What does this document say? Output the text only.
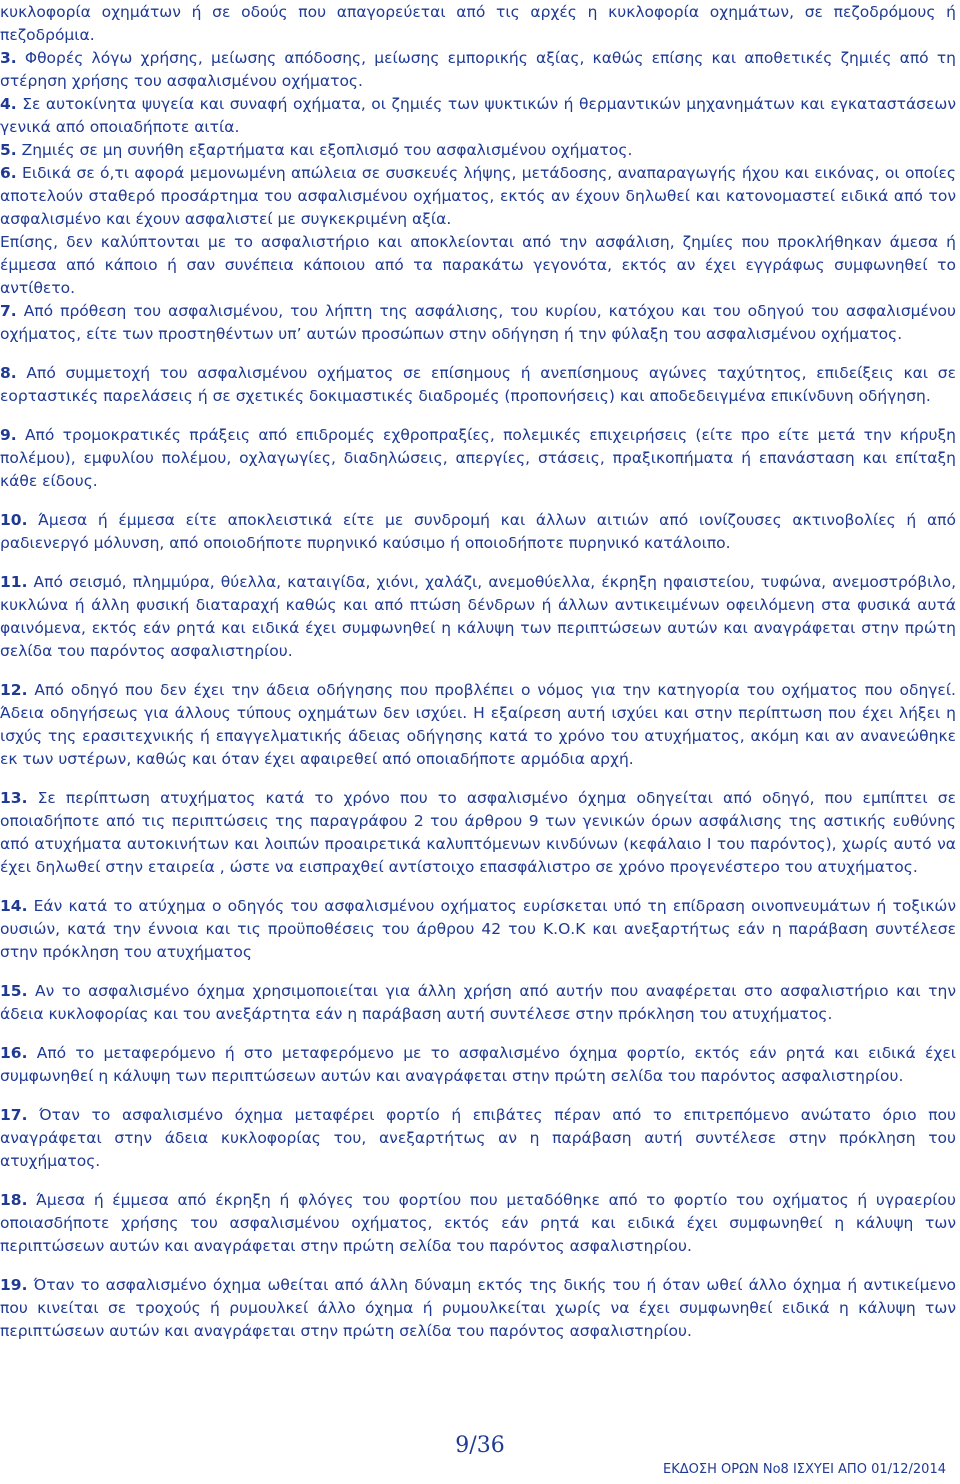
κυκλοφορία οχημάτων ή σε οδούς που απαγορεύεται από τις αρχές η κυκλοφορία οχημάτων, σε πεζοδρόμους ή πεζοδρόμια.

3. Φθορές λόγω χρήσης, μείωσης απόδοσης, μείωσης εμπορικής αξίας, καθώς επίσης και αποθετικές ζημιές από τη στέρηση χρήσης του ασφαλισμένου οχήματος.

4. Σε αυτοκίνητα ψυγεία και συναφή οχήματα, οι ζημιές των ψυκτικών ή θερμαντικών μηχανημάτων και εγκαταστάσεων γενικά από οποιαδήποτε αιτία.

5. Ζημιές σε μη συνήθη εξαρτήματα και εξοπλισμό του ασφαλισμένου οχήματος.

6. Ειδικά σε ό,τι αφορά μεμονωμένη απώλεια σε συσκευές λήψης, μετάδοσης, αναπαραγωγής ήχου και εικόνας, οι οποίες αποτελούν σταθερό προσάρτημα του ασφαλισμένου οχήματος, εκτός αν έχουν δηλωθεί και κατονομαστεί ειδικά από τον ασφαλισμένο και έχουν ασφαλιστεί με συγκεκριμένη αξία.

Επίσης, δεν καλύπτονται με το ασφαλιστήριο και αποκλείονται από την ασφάλιση, ζημίες που προκλήθηκαν άμεσα ή έμμεσα από κάποιο ή σαν συνέπεια κάποιου από τα παρακάτω γεγονότα, εκτός αν έχει εγγράφως συμφωνηθεί το αντίθετο.

7. Από πρόθεση του ασφαλισμένου, του λήπτη της ασφάλισης, του κυρίου, κατόχου και του οδηγού του ασφαλισμένου οχήματος, είτε των προστηθέντων υπ’ αυτών προσώπων στην οδήγηση ή την φύλαξη του ασφαλισμένου οχήματος.

8. Από συμμετοχή του ασφαλισμένου οχήματος σε επίσημους ή ανεπίσημους αγώνες ταχύτητος, επιδείξεις και σε εορταστικές παρελάσεις ή σε σχετικές δοκιμαστικές διαδρομές (προπονήσεις) και αποδεδειγμένα επικίνδυνη οδήγηση.

9. Από τρομοκρατικές πράξεις από επιδρομές εχθροπραξίες, πολεμικές επιχειρήσεις (είτε προ είτε μετά την κήρυξη πολέμου), εμφυλίου πολέμου, οχλαγωγίες, διαδηλώσεις, απεργίες, στάσεις, πραξικοπήματα ή επανάσταση και επίταξη κάθε είδους.

10. Άμεσα ή έμμεσα είτε αποκλειστικά είτε με συνδρομή και άλλων αιτιών από ιονίζουσες ακτινοβολίες ή από ραδιενεργό μόλυνση, από οποιοδήποτε πυρηνικό καύσιμο ή οποιοδήποτε πυρηνικό κατάλοιπο.

11. Από σεισμό, πλημμύρα, θύελλα, καταιγίδα, χιόνι, χαλάζι, ανεμοθύελλα, έκρηξη ηφαιστείου, τυφώνα, ανεμοστρόβιλο, κυκλώνα ή άλλη φυσική διαταραχή καθώς και από πτώση δένδρων ή άλλων αντικειμένων οφειλόμενη στα φυσικά αυτά φαινόμενα, εκτός εάν ρητά και ειδικά έχει συμφωνηθεί η κάλυψη των περιπτώσεων αυτών και αναγράφεται στην πρώτη σελίδα του παρόντος ασφαλιστηρίου.

12. Από οδηγό που δεν έχει την άδεια οδήγησης που προβλέπει ο νόμος για την κατηγορία του οχήματος που οδηγεί. Άδεια οδηγήσεως για άλλους τύπους οχημάτων δεν ισχύει. Η εξαίρεση αυτή ισχύει και στην περίπτωση που έχει λήξει η ισχύς της ερασιτεχνικής ή επαγγελματικής άδειας οδήγησης κατά το χρόνο του ατυχήματος, ακόμη και αν ανανεώθηκε εκ των υστέρων, καθώς και όταν έχει αφαιρεθεί από οποιαδήποτε αρμόδια αρχή.

13. Σε περίπτωση ατυχήματος κατά το χρόνο που το ασφαλισμένο όχημα οδηγείται από οδηγό, που εμπίπτει σε οποιαδήποτε από τις περιπτώσεις της παραγράφου 2 του άρθρου 9 των γενικών όρων ασφάλισης της αστικής ευθύνης από ατυχήματα αυτοκινήτων και λοιπών προαιρετικά καλυπτόμενων κινδύνων (κεφάλαιο Ι του παρόντος), χωρίς αυτό να έχει δηλωθεί στην εταιρεία , ώστε να εισπραχθεί αντίστοιχο επασφάλιστρο σε χρόνο προγενέστερο του ατυχήματος.

14. Εάν κατά το ατύχημα ο οδηγός του ασφαλισμένου οχήματος ευρίσκεται υπό τη επίδραση οινοπνευμάτων ή τοξικών ουσιών, κατά την έννοια και τις προϋποθέσεις του άρθρου 42 του Κ.Ο.Κ και ανεξαρτήτως εάν η παράβαση συντέλεσε στην πρόκληση του ατυχήματος

15. Αν το ασφαλισμένο όχημα χρησιμοποιείται για άλλη χρήση από αυτήν που αναφέρεται στο ασφαλιστήριο και την άδεια κυκλοφορίας και του ανεξάρτητα εάν η παράβαση αυτή συντέλεσε στην πρόκληση του ατυχήματος.

16. Από το μεταφερόμενο ή στο μεταφερόμενο με το ασφαλισμένο όχημα φορτίο, εκτός εάν ρητά και ειδικά έχει συμφωνηθεί η κάλυψη των περιπτώσεων αυτών και αναγράφεται στην πρώτη σελίδα του παρόντος ασφαλιστηρίου.

17. Όταν το ασφαλισμένο όχημα μεταφέρει φορτίο ή επιβάτες πέραν από το επιτρεπόμενο ανώτατο όριο που αναγράφεται στην άδεια κυκλοφορίας του, ανεξαρτήτως αν η παράβαση αυτή συντέλεσε στην πρόκληση του ατυχήματος.

18. Άμεσα ή έμμεσα από έκρηξη ή φλόγες του φορτίου που μεταδόθηκε από το φορτίο του οχήματος ή υγραερίου οποιασδήποτε χρήσης του ασφαλισμένου οχήματος, εκτός εάν ρητά και ειδικά έχει συμφωνηθεί η κάλυψη των περιπτώσεων αυτών και αναγράφεται στην πρώτη σελίδα του παρόντος ασφαλιστηρίου.

19. Όταν το ασφαλισμένο όχημα ωθείται από άλλη δύναμη εκτός της δικής του ή όταν ωθεί άλλο όχημα ή αντικείμενο που κινείται σε τροχούς ή ρυμουλκεί άλλο όχημα ή ρυμουλκείται χωρίς να έχει συμφωνηθεί ειδικά η κάλυψη των περιπτώσεων αυτών και αναγράφεται στην πρώτη σελίδα του παρόντος ασφαλιστηρίου.

9/36
ΕΚΔΟΣΗ ΟΡΩΝ Νο8 ΙΣΧΥΕΙ ΑΠΟ 01/12/2014
